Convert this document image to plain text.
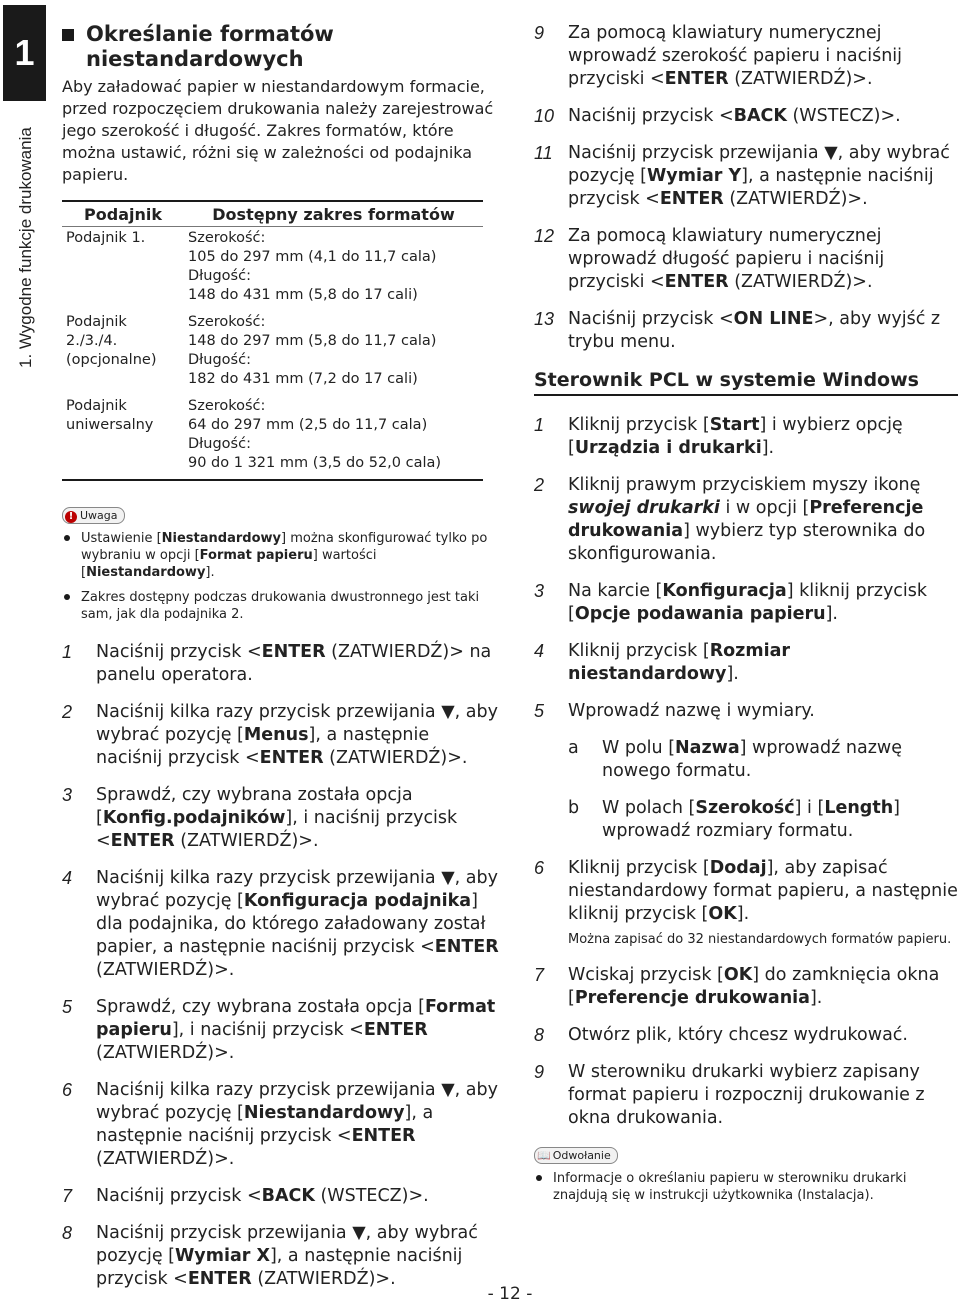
1
1. Wygodne funkcje drukowania
Określanie formatów niestandardowych

Aby załadować papier w niestandardowym formacie, przed rozpoczęciem drukowania należy zarejestrować jego szerokość i długość. Zakres formatów, które można ustawić, różni się w zależności od podajnika papieru.

Podajnik	Dostępny zakres formatów
Podajnik 1.	Szerokość:
105 do 297 mm (4,1 do 11,7 cala)
Długość:
148 do 431 mm (5,8 do 17 cali)

Podajnik 2./3./4. (opcjonalne)	Szerokość:
148 do 297 mm (5,8 do 11,7 cala)
Długość:
182 do 431 mm (7,2 do 17 cali)

Podajnik uniwersalny	Szerokość:
64 do 297 mm (2,5 do 11,7 cala)
Długość:
90 do 1 321 mm (3,5 do 52,0 cala)
! Uwaga
Ustawienie [Niestandardowy] można skonfigurować tylko po wybraniu w opcji [Format papieru] wartości [Niestandardowy].
Zakres dostępny podczas drukowania dwustronnego jest taki sam, jak dla podajnika 2.
1	Naciśnij przycisk <ENTER (ZATWIERDŹ)> na panelu operatora.
2	Naciśnij kilka razy przycisk przewijania ▼, aby wybrać pozycję [Menus], a następnie naciśnij przycisk <ENTER (ZATWIERDŹ)>.
3	Sprawdź, czy wybrana została opcja [Konfig.podajników], i naciśnij przycisk <ENTER (ZATWIERDŹ)>.
4	Naciśnij kilka razy przycisk przewijania ▼, aby wybrać pozycję [Konfiguracja podajnika] dla podajnika, do którego załadowany został papier, a następnie naciśnij przycisk <ENTER (ZATWIERDŹ)>.
5	Sprawdź, czy wybrana została opcja [Format papieru], i naciśnij przycisk <ENTER (ZATWIERDŹ)>.
6	Naciśnij kilka razy przycisk przewijania ▼, aby wybrać pozycję [Niestandardowy], a następnie naciśnij przycisk <ENTER (ZATWIERDŹ)>.
7	Naciśnij przycisk <BACK (WSTECZ)>.
8	Naciśnij przycisk przewijania ▼, aby wybrać pozycję [Wymiar X], a następnie naciśnij przycisk <ENTER (ZATWIERDŹ)>.
9	Za pomocą klawiatury numerycznej wprowadź szerokość papieru i naciśnij przyciski <ENTER (ZATWIERDŹ)>.
10 Naciśnij przycisk <BACK (WSTECZ)>.
11 Naciśnij przycisk przewijania ▼, aby wybrać pozycję [Wymiar Y], a następnie naciśnij przycisk <ENTER (ZATWIERDŹ)>.
12 Za pomocą klawiatury numerycznej wprowadź długość papieru i naciśnij przyciski <ENTER (ZATWIERDŹ)>.
13 Naciśnij przycisk <ON LINE>, aby wyjść z trybu menu.
Sterownik PCL w systemie Windows
1	Kliknij przycisk [Start] i wybierz opcję [Urządzia i drukarki].
2	Kliknij prawym przyciskiem myszy ikonę swojej drukarki i w opcji [Preferencje drukowania] wybierz typ sterownika do skonfigurowania.
3	Na karcie [Konfiguracja] kliknij przycisk [Opcje podawania papieru].
4	Kliknij przycisk [Rozmiar niestandardowy].
5	Wprowadź nazwę i wymiary.
a	W polu [Nazwa] wprowadź nazwę nowego formatu.
b	W polach [Szerokość] i [Length] wprowadź rozmiary formatu.
6	Kliknij przycisk [Dodaj], aby zapisać niestandardowy format papieru, a następnie kliknij przycisk [OK].
Można zapisać do 32 niestandardowych formatów papieru.
7	Wciskaj przycisk [OK] do zamknięcia okna [Preferencje drukowania].
8	Otwórz plik, który chcesz wydrukować.
9	W sterowniku drukarki wybierz zapisany format papieru i rozpocznij drukowanie z okna drukowania.
📖 Odwołanie
Informacje o określaniu papieru w sterowniku drukarki znajdują się w instrukcji użytkownika (Instalacja).
- 12 -
